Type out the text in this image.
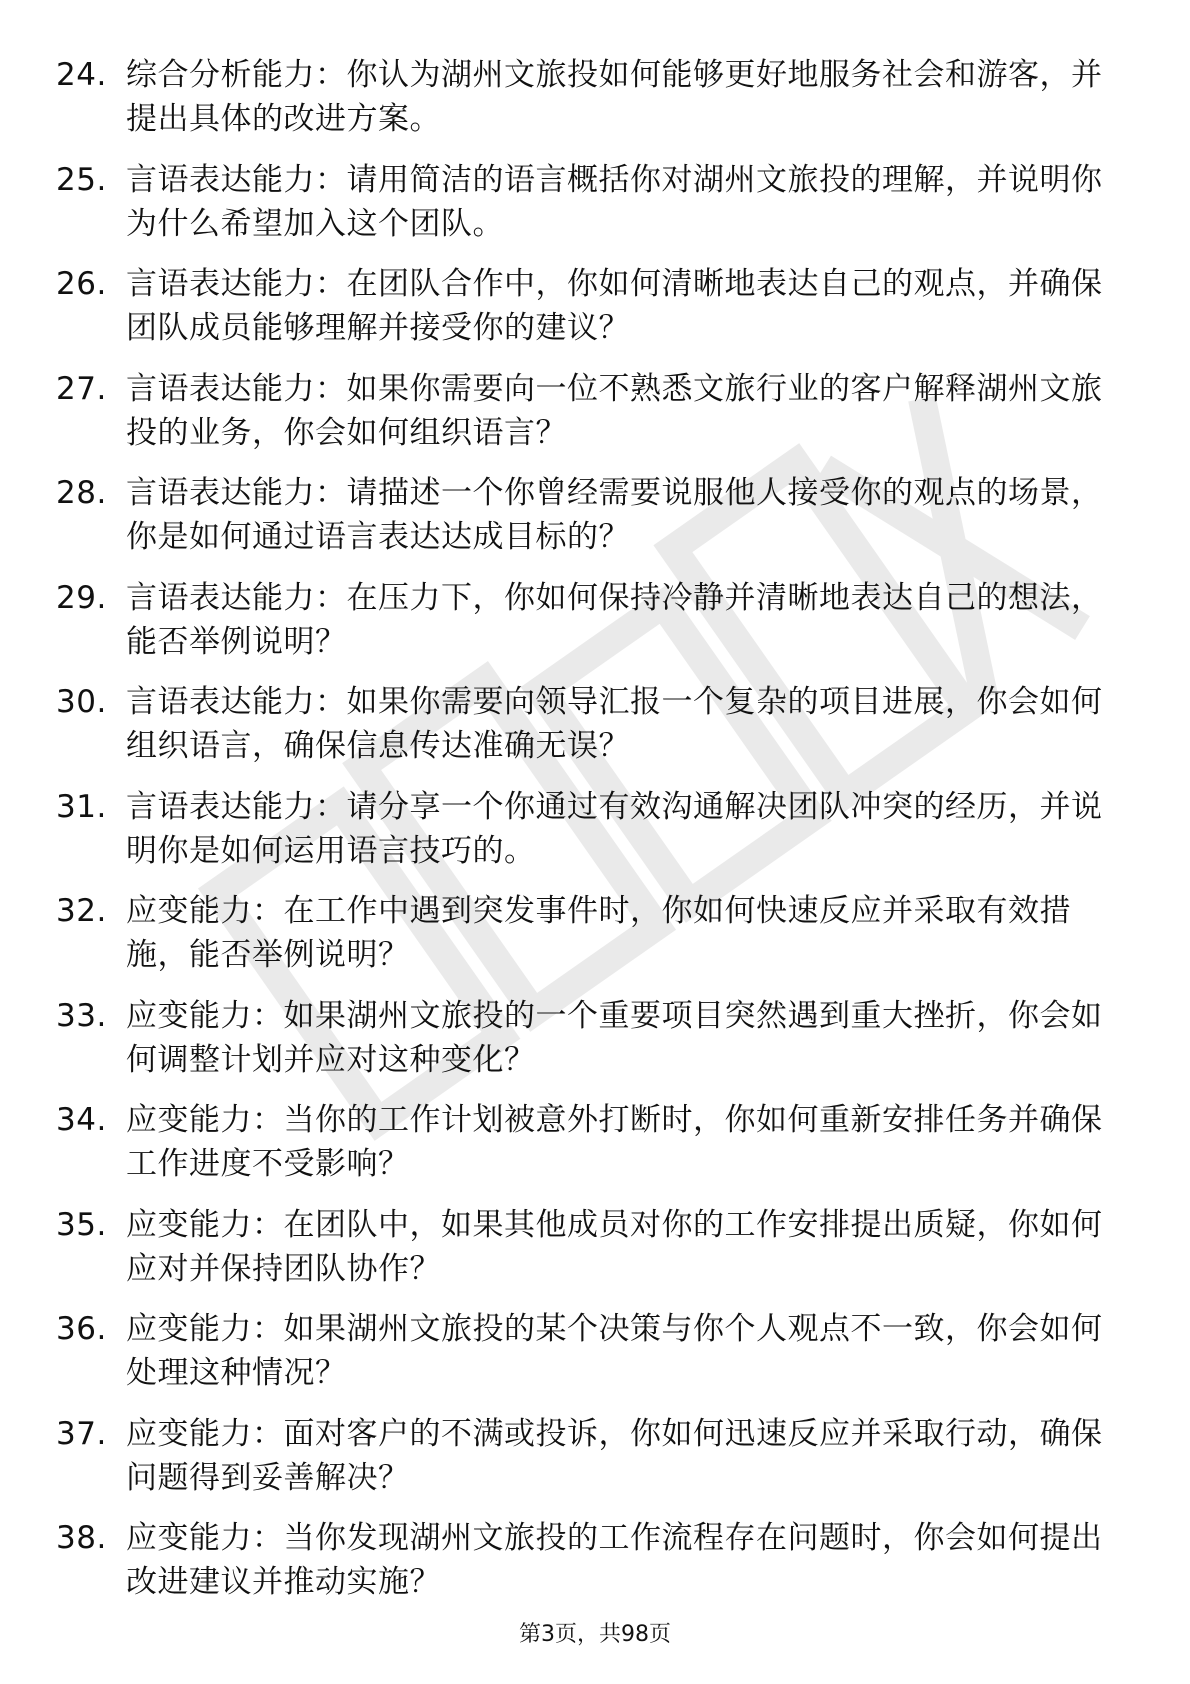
24. 综合分析能力：你认为湖州文旅投如何能够更好地服务社会和游客，并提出具体的改进方案。
25. 言语表达能力：请用简洁的语言概括你对湖州文旅投的理解，并说明你为什么希望加入这个团队。
26. 言语表达能力：在团队合作中，你如何清晰地表达自己的观点，并确保团队成员能够理解并接受你的建议？
27. 言语表达能力：如果你需要向一位不熟悉文旅行业的客户解释湖州文旅投的业务，你会如何组织语言？
28. 言语表达能力：请描述一个你曾经需要说服他人接受你的观点的场景，你是如何通过语言表达达成目标的？
29. 言语表达能力：在压力下，你如何保持冷静并清晰地表达自己的想法，能否举例说明？
30. 言语表达能力：如果你需要向领导汇报一个复杂的项目进展，你会如何组织语言，确保信息传达准确无误？
31. 言语表达能力：请分享一个你通过有效沟通解决团队冲突的经历，并说明你是如何运用语言技巧的。
32. 应变能力：在工作中遇到突发事件时，你如何快速反应并采取有效措施，能否举例说明？
33. 应变能力：如果湖州文旅投的一个重要项目突然遇到重大挫折，你会如何调整计划并应对这种变化？
34. 应变能力：当你的工作计划被意外打断时，你如何重新安排任务并确保工作进度不受影响？
35. 应变能力：在团队中，如果其他成员对你的工作安排提出质疑，你如何应对并保持团队协作？
36. 应变能力：如果湖州文旅投的某个决策与你个人观点不一致，你会如何处理这种情况？
37. 应变能力：面对客户的不满或投诉，你如何迅速反应并采取行动，确保问题得到妥善解决？
38. 应变能力：当你发现湖州文旅投的工作流程存在问题时，你会如何提出改进建议并推动实施？
第3页，共98页
